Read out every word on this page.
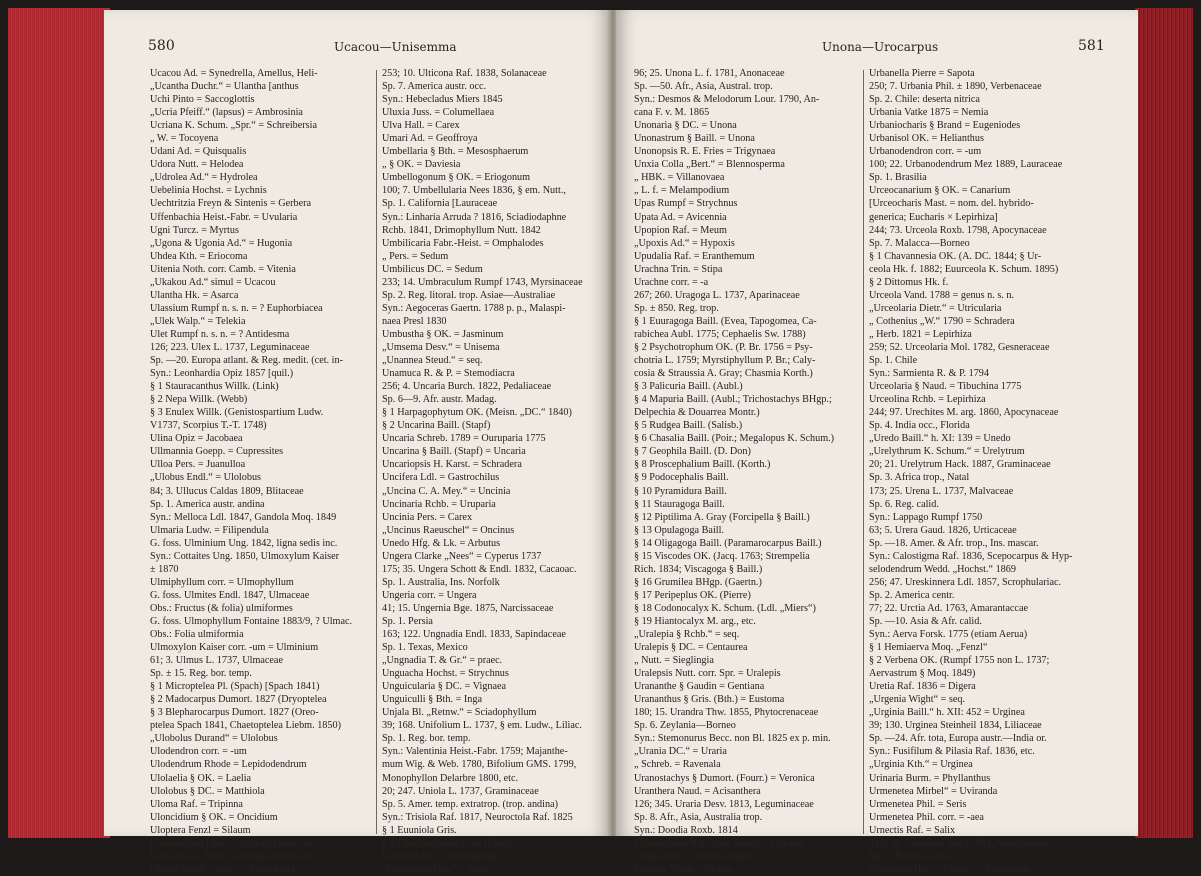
580	Ucacou—Unisemma
Ucacou Ad. = Synedrella, Amellus, Heli-
„Ucantha Duchr.“ = Ulantha [anthus
Uchi Pinto = Saccoglottis
„Ucria Pfeiff.“ (lapsus) = Ambrosinia
Ucriana K. Schum. „Spr.“ = Schreibersia
„ W. = Tocoyena
Udani Ad. = Quisqualis
Udora Nutt. = Helodea
„Udrolea Ad.“ = Hydrolea
Uebelinia Hochst. = Lychnis
Uechtritzia Freyn & Sintenis = Gerbera
Uffenbachia Heist.-Fabr. = Uvularia
Ugni Turcz. = Myrtus
„Ugona & Ugonia Ad.“ = Hugonia
Uhdea Kth. = Eriocoma
Uitenia Noth. corr. Camb. = Vitenia
„Ukakou Ad.“ simul = Ucacou
Ulantha Hk. = Asarca
Ulassium Rumpf n. s. n. = ? Euphorbiacea
„Ulek Walp.“ = Telekia
Ulet Rumpf n. s. n. = ? Antidesma
126; 223. Ulex L. 1737, Leguminaceae
Sp. —20. Europa atlant. & Reg. medit. (cet. in-
Syn.: Leonhardia Opiz 1857 [quil.)
§ 1 Stauracanthus Willk. (Link)
§ 2 Nepa Willk. (Webb)
§ 3 Enulex Willk. (Genistospartium Ludw.
V1737, Scorpius T.-T. 1748)
Ulina Opiz = Jacobaea
Ullmannia Goepp. = Cupressites
Ulloa Pers. = Juanulloa
„Ulobus Endl.“ = Ulolobus
84; 3. Ullucus Caldas 1809, Blitaceae
Sp. 1. America austr. andina
Syn.: Melloca Ldl. 1847, Gandola Moq. 1849
Ulmaria Ludw. = Filipendula
G. foss. Ulminium Ung. 1842, ligna sedis inc.
Syn.: Cottaites Ung. 1850, Ulmoxylum Kaiser
± 1870
Ulmiphyllum corr. = Ulmophyllum
G. foss. Ulmites Endl. 1847, Ulmaceae
Obs.: Fructus (& folia) ulmiformes
G. foss. Ulmophyllum Fontaine 1883/9, ? Ulmac.
Obs.: Folia ulmiformia
Ulmoxylon Kaiser corr. -um = Ulminium
61; 3. Ulmus L. 1737, Ulmaceae
Sp. ± 15. Reg. bor. temp.
§ 1 Micropteleа Pl. (Spach) [Spach 1841)
§ 2 Madocarpus Dumort. 1827 (Dryoptelea
§ 3 Blepharocarpus Dumort. 1827 (Oreo-
ptelea Spach 1841, Chaetoptelea Liebm. 1850)
„Ulobolus Durand“ = Ulolobus
Ulodendron corr. = -um
Ulodendrum Rhode = Lepidodendrum
Ulolaelia § OK. = Laelia
Ulolobus § DC. = Matthiola
Uloma Raf. = Tripinna
Uloncidium § OK. = Oncidium
Uloptera Fenzl = Silaum
Ulospermum Link = Capnophyllum, Sa-
Ulostoma G. Don = Gentiana [nicula etc.
Ulricia Steud. „Jacq.“ = Lepechinia
253; 10. Ulticona Raf. 1838, Solanaceae
Sp. 7. America austr. occ.
Syn.: Hebecladus Miers 1845
Uluxia Juss. = Columellaea
Ulva Hall. = Carex
Umari Ad. = Geoffroya
Umbellaria § Bth. = Mesosphaerum
„ § OK. = Daviesia
Umbellogonum § OK. = Eriogonum
100; 7. Umbellularia Nees 1836, § em. Nutt.,
Sp. 1. California [Lauraceae
Syn.: Linharia Arruda ? 1816, Sciadiodaphne
Rchb. 1841, Drimophyllum Nutt. 1842
Umbilicaria Fabr.-Heist. = Omphalodes
„ Pers. = Sedum
Umbilicus DC. = Sedum
233; 14. Umbraculum Rumpf 1743, Myrsinaceae
Sp. 2. Reg. litoral. trop. Asiae—Australiae
Syn.: Aegoceras Gaertn. 1788 p. p., Malaspi-
naea Presl 1830
Umbustha § OK. = Jasminum
„Umsema Desv.“ = Unisema
„Unannea Steud.“ = seq.
Unamuca R. & P. = Stemodiacra
256; 4. Uncaria Burch. 1822, Pedaliaceae
Sp. 6—9. Afr. austr. Madag.
§ 1 Harpagophytum OK. (Meisn. „DC.“ 1840)
§ 2 Uncarina Baill. (Stapf)
Uncaria Schreb. 1789 = Ouruparia 1775
Uncarina § Baill. (Stapf) = Uncaria
Uncariopsis H. Karst. = Schradera
Uncifera Ldl. = Gastrochilus
„Uncina C. A. Mey.“ = Uncinia
Uncinaria Rchb. = Uruparia
Uncinia Pers. = Carex
„Uncinus Raeuschel“ = Oncinus
Unedo Hfg. & Lk. = Arbutus
Ungera Clarke „Nees“ = Cyperus 1737
175; 35. Ungera Schott & Endl. 1832, Cacaoac.
Sp. 1. Australia, Ins. Norfolk
Ungeria corr. = Ungera
41; 15. Ungernia Bge. 1875, Narcissaceae
Sp. 1. Persia
163; 122. Ungnadia Endl. 1833, Sapindaceae
Sp. 1. Texas, Mexico
„Ungnadia T. & Gr.“ = praec.
Unguacha Hochst. = Strychnus
Unguicularia § DC. = Vignaea
Unguiculli § Bth. = Inga
Unjala Bl. „Retnw.“ = Sciadophyllum
39; 168. Unifolium L. 1737, § em. Ludw., Liliac.
Sp. 1. Reg. bor. temp.
Syn.: Valentinia Heist.-Fabr. 1759; Majanthe-
mum Wig. & Web. 1780, Bifolium GMS. 1799,
Monophyllon Delarbre 1800, etc.
20; 247. Uniola L. 1737, Graminaceae
Sp. 5. Amer. temp. extratrop. (trop. andina)
Syn.: Trisiola Raf. 1817, Neuroctola Raf. 1825
§ 1 Euuniola Gris.
§ 2 Chasmanthium Gris. (Link)
Unisema Raf. = Ponlederaea
„Unisemma Orb.“ = praec.
Unona—Urocarpus	581
96; 25. Unona L. f. 1781, Anonaceae
Sp. —50. Afr., Asia, Austral. trop.
Syn.: Desmos & Melodorum Lour. 1790, An-
cana F. v. M. 1865
Unonaria § DC. = Unona
Unonastrum § Baill. = Unona
Unonopsis R. E. Fries = Trigynaea
Unxia Colla „Bert.“ = Blennosperma
„ HBK. = Villanovaea
„ L. f. = Melampodium
Upas Rumpf = Strychnus
Upata Ad. = Avicennia
Upopion Raf. = Meum
„Upoxis Ad.“ = Hypoxis
Upudalia Raf. = Eranthemum
Urachna Trin. = Stipa
Urachne corr. = -a
267; 260. Uragoga L. 1737, Aparinaceae
Sp. ± 850. Reg. trop.
§ 1 Euuragoga Baill. (Evea, Tapogomea, Ca-
rabichea Aubl. 1775; Cephaelis Sw. 1788)
§ 2 Psychotrophum OK. (P. Br. 1756 = Psy-
chotria L. 1759; Myrstiphyllum P. Br.; Caly-
cosia & Straussia A. Gray; Chasmia Korth.)
§ 3 Palicuria Baill. (Aubl.)
§ 4 Mapuria Baill. (Aubl.; Trichostachys BHgp.;
Delpechia & Douarrea Montr.)
§ 5 Rudgea Baill. (Salisb.)
§ 6 Chasalia Baill. (Poir.; Megalopus K. Schum.)
§ 7 Geophila Baill. (D. Don)
§ 8 Proscephalium Baill. (Korth.)
§ 9 Podocephalis Baill.
§ 10 Pyramidura Baill.
§ 11 Stauragoga Baill.
§ 12 Piptilima A. Gray (Forcipella § Baill.)
§ 13 Opulagoga Baill.
§ 14 Oligagoga Baill. (Paramarocarpus Baill.)
§ 15 Viscodes OK. (Jacq. 1763; Strempelia
Rich. 1834; Viscagoga § Baill.)
§ 16 Grumilea BHgp. (Gaertn.)
§ 17 Peripeplus OK. (Pierre)
§ 18 Codonocalyx K. Schum. (Ldl. „Miers“)
§ 19 Hiantocalyx M. arg., etc.
„Uralepia § Rchb.“ = seq.
Uralepis § DC. = Centaurea
„ Nutt. = Sieglingia
Uralepsis Nutt. corr. Spr. = Uralepis
Urananthe § Gaudin = Gentiana
Urananthus § Gris. (Bth.) = Eustoma
180; 15. Urandra Thw. 1855, Phytocrenaceae
Sp. 6. Zeylania—Borneo
Syn.: Stemonurus Becc. non Bl. 1825 ex p. min.
„Urania DC.“ = Uraria
„ Schreb. = Ravenala
Uranostachys § Dumort. (Fourr.) = Veronica
Uranthera Naud. = Acisanthera
126; 345. Uraria Desv. 1813, Leguminaceae
Sp. 8. Afr., Asia, Australia trop.
Syn.: Doodia Roxb. 1814
Uraspermum Nutt. corr. Steud. = Urosper-
Uratea Aubl. = Ochna [mum
Uratella Tiegh. = Ochna
Urbanella Pierre = Sapota
250; 7. Urbania Phil. ± 1890, Verbenaceae
Sp. 2. Chile: deserta nitrica
Urbania Vatke 1875 = Nemia
Urbaniocharis § Brand = Eugeniodes
Urbanisol OK. = Helianthus
Urbanodendron corr. = -um
100; 22. Urbanodendrum Mez 1889, Lauraceae
Sp. 1. Brasilia
Urceocanarium § OK. = Canarium
[Urceocharis Mast. = nom. del. hybrido-
generica; Eucharis × Lepirhiza]
244; 73. Urceola Roxb. 1798, Apocynaceae
Sp. 7. Malacca—Borneo
§ 1 Chavannesia OK. (A. DC. 1844; § Ur-
ceola Hk. f. 1882; Euurceola K. Schum. 1895)
§ 2 Dittomus Hk. f.
Urceola Vand. 1788 = genus n. s. n.
„Urceolaria Dietr.“ = Utricularia
„ Cothenius „W.“ 1790 = Schradera
„ Herb. 1821 = Lepirhiza
259; 52. Urceolaria Mol. 1782, Gesneraceae
Sp. 1. Chile
Syn.: Sarmienta R. & P. 1794
Urceolaria § Naud. = Tibuchina 1775
Urceolina Rchb. = Lepirhiza
244; 97. Urechites M. arg. 1860, Apocynaceae
Sp. 4. India occ., Florida
„Uredo Baill.“ h. XI: 139 = Unedo
„Urelythrum K. Schum.“ = Urelytrum
20; 21. Urelytrum Hack. 1887, Graminaceae
Sp. 3. Africa trop., Natal
173; 25. Urena L. 1737, Malvaceae
Sp. 6. Reg. calid.
Syn.: Lappago Rumpf 1750
63; 5. Urera Gaud. 1826, Urticaceae
Sp. —18. Amer. & Afr. trop., Ins. mascar.
Syn.: Calostigma Raf. 1836, Scepocarpus & Hyp-
selodendrum Wedd. „Hochst.“ 1869
256; 47. Ureskinnera Ldl. 1857, Scrophulariac.
Sp. 2. America centr.
77; 22. Urctia Ad. 1763, Amarantaccae
Sp. —10. Asia & Afr. calid.
Syn.: Aerva Forsk. 1775 (etiam Aerua)
§ 1 Hemiaerva Moq. „Fenzl“
§ 2 Verbena OK. (Rumpf 1755 non L. 1737;
Aervastrum § Moq. 1849)
Uretia Raf. 1836 = Digera
„Urgenia Wight“ = seq.
„Urginia Baill.“ h. XII: 452 = Urginea
39; 130. Urginea Steinheil 1834, Liliaceae
Sp. —24. Afr. tota, Europa austr.—India or.
Syn.: Fusifilum & Pilasia Raf. 1836, etc.
„Urginia Kth.“ = Urginea
Urinaria Burm. = Phyllanthus
Urmenetea Mirbel“ = Uviranda
Urmenetea Phil. = Seris
Urmenetea Phil. corr. = -aea
Urnectis Raf. = Salix
244; 18. Urnularia Stapf 1901, Apocynaceae
Sp. 5. Borneo, Java
Urocarpus Harv. „Drum.“ = Asterolasia
